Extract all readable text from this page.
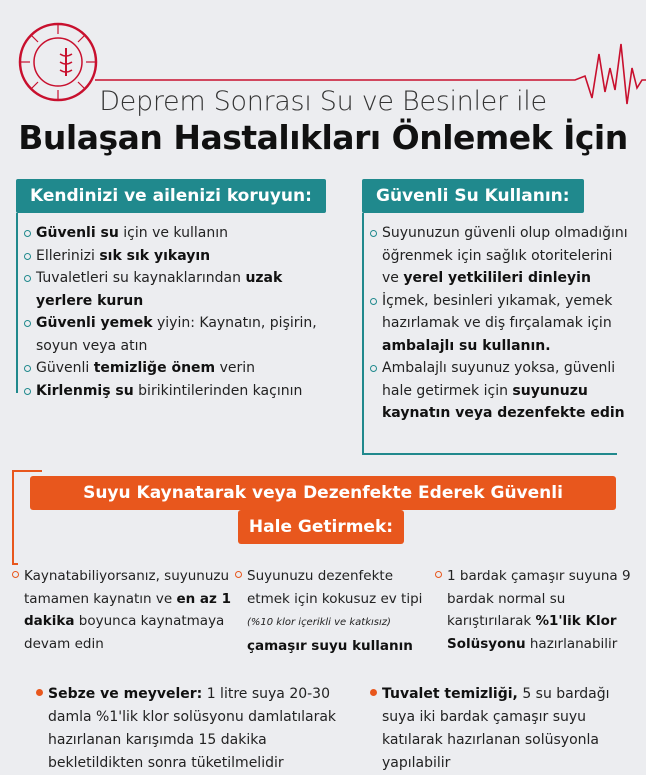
Deprem Sonrası Su ve Besinler ile
Bulaşan Hastalıkları Önlemek İçin
Kendinizi ve ailenizi koruyun:
Güvenli su için ve kullanın
Ellerinizi sık sık yıkayın
Tuvaletleri su kaynaklarından uzak yerlere kurun
Güvenli yemek yiyin: Kaynatın, pişirin, soyun veya atın
Güvenli temizliğe önem verin
Kirlenmiş su birikintilerinden kaçının
Güvenli Su Kullanın:
Suyunuzun güvenli olup olmadığını öğrenmek için sağlık otoritelerini ve yerel yetkilileri dinleyin
İçmek, besinleri yıkamak, yemek hazırlamak ve diş fırçalamak için ambalajlı su kullanın.
Ambalajlı suyunuz yoksa, güvenli hale getirmek için suyunuzu kaynatın veya dezenfekte edin
Suyu Kaynatarak veya Dezenfekte Ederek Güvenli
Hale Getirmek:
Kaynatabiliyorsanız, suyunuzu tamamen kaynatın ve en az 1 dakika boyunca kaynatmaya devam edin
Suyunuzu dezenfekte etmek için kokusuz ev tipi (%10 klor içerikli ve katkısız) çamaşır suyu kullanın
1 bardak çamaşır suyuna 9 bardak normal su karıştırılarak %1'lik Klor Solüsyonu hazırlanabilir
Sebze ve meyveler: 1 litre suya 20-30 damla %1'lik klor solüsyonu damlatılarak hazırlanan karışımda 15 dakika bekletildikten sonra tüketilmelidir
Tuvalet temizliği, 5 su bardağı suya iki bardak çamaşır suyu katılarak hazırlanan solüsyonla yapılabilir
